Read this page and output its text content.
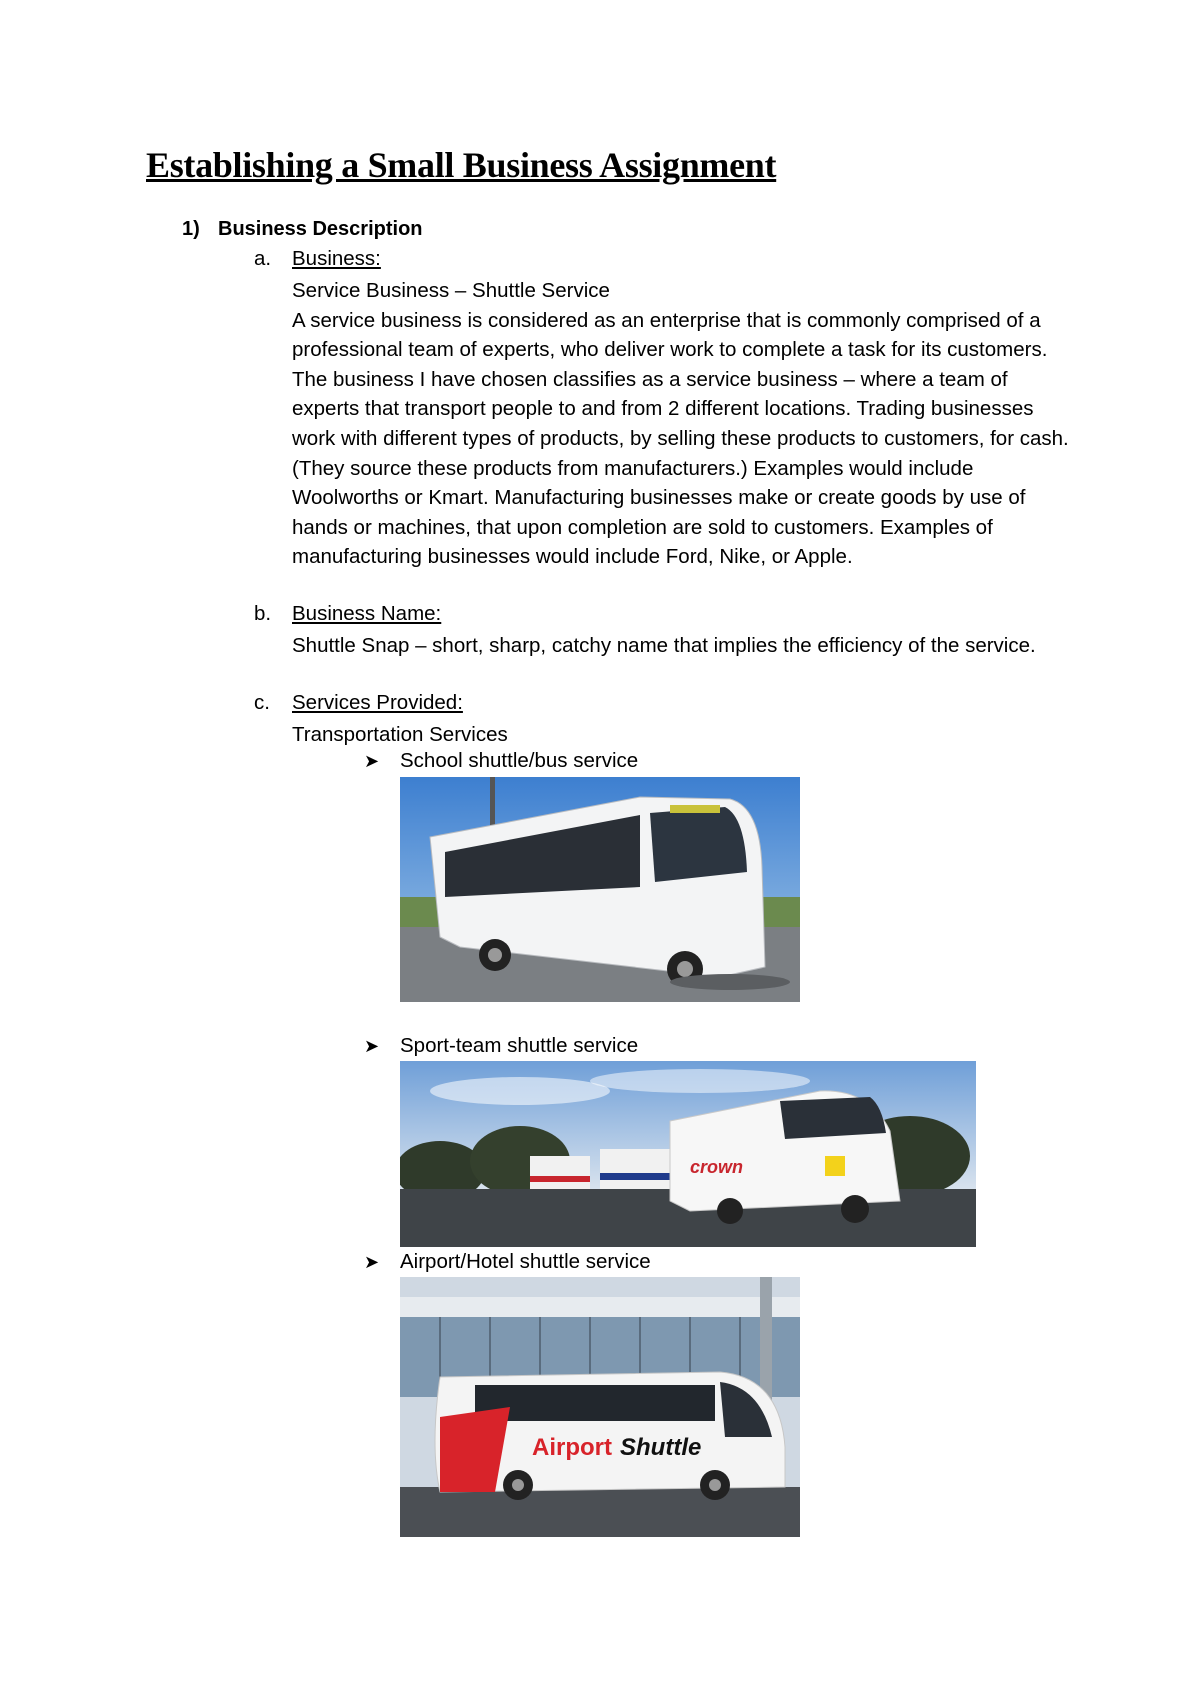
Establishing a Small Business Assignment
1) Business Description
a. Business:

Service Business – Shuttle Service

A service business is considered as an enterprise that is commonly comprised of a professional team of experts, who deliver work to complete a task for its customers. The business I have chosen classifies as a service business – where a team of experts that transport people to and from 2 different locations. Trading businesses work with different types of products, by selling these products to customers, for cash. (They source these products from manufacturers.) Examples would include Woolworths or Kmart. Manufacturing businesses make or create goods by use of hands or machines, that upon completion are sold to customers. Examples of manufacturing businesses would include Ford, Nike, or Apple.

b. Business Name:

Shuttle Snap – short, sharp, catchy name that implies the efficiency of the service.

c. Services Provided:

Transportation Services

➤ School shuttle/bus service
➤ Sport-team shuttle service
crown
➤ Airport/Hotel shuttle service
Airport Shuttle
